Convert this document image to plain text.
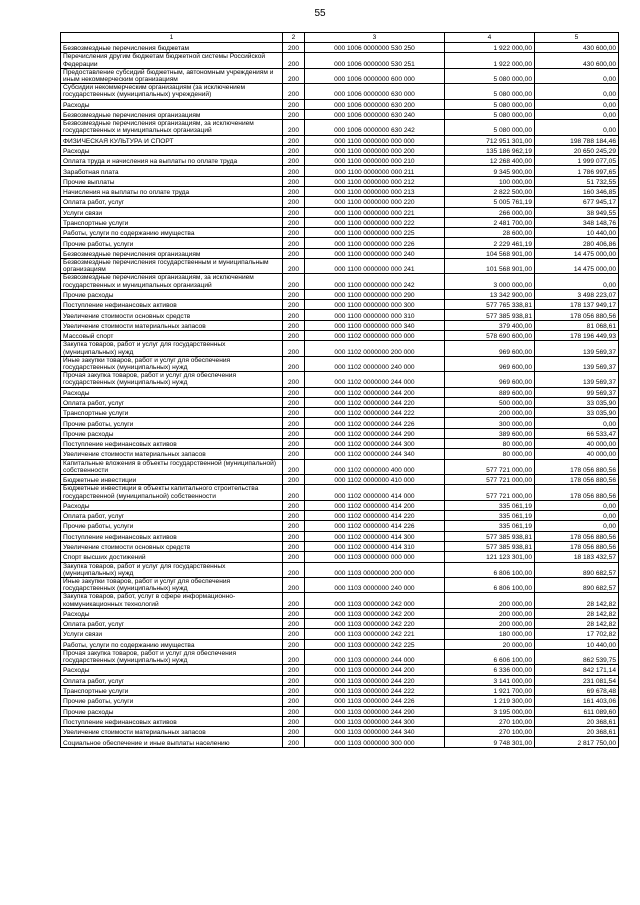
55
1	2	3	4	5
Безвозмездные перечисления бюджетам	200	000 1006 0000000 530 250	1 922 000,00	430 600,00
Перечисления другим бюджетам бюджетной системы Российской Федерации	200	000 1006 0000000 530 251	1 922 000,00	430 600,00
Предоставление субсидий бюджетным, автономным учреждениям и иным некоммерческим организациям	200	000 1006 0000000 600 000	5 080 000,00	0,00
Субсидии некоммерческим организациям (за исключением государственных (муниципальных) учреждений)	200	000 1006 0000000 630 000	5 080 000,00	0,00
Расходы	200	000 1006 0000000 630 200	5 080 000,00	0,00
Безвозмездные перечисления организациям	200	000 1006 0000000 630 240	5 080 000,00	0,00
Безвозмездные перечисления организациям, за исключением государственных и муниципальных организаций	200	000 1006 0000000 630 242	5 080 000,00	0,00
ФИЗИЧЕСКАЯ КУЛЬТУРА И СПОРТ	200	000 1100 0000000 000 000	712 951 301,00	198 788 184,46
Расходы	200	000 1100 0000000 000 200	135 186 962,19	20 650 245,29
Оплата труда и начисления на выплаты по оплате труда	200	000 1100 0000000 000 210	12 268 400,00	1 999 077,05
Заработная плата	200	000 1100 0000000 000 211	9 345 900,00	1 786 997,65
Прочие выплаты	200	000 1100 0000000 000 212	100 000,00	51 732,55
Начисления на выплаты по оплате труда	200	000 1100 0000000 000 213	2 822 500,00	160 346,85
Оплата работ, услуг	200	000 1100 0000000 000 220	5 005 761,19	677 945,17
Услуги связи	200	000 1100 0000000 000 221	266 000,00	38 949,55
Транспортные услуги	200	000 1100 0000000 000 222	2 481 700,00	348 148,76
Работы, услуги по содержанию имущества	200	000 1100 0000000 000 225	28 600,00	10 440,00
Прочие работы, услуги	200	000 1100 0000000 000 226	2 229 461,19	280 406,86
Безвозмездные перечисления организациям	200	000 1100 0000000 000 240	104 568 901,00	14 475 000,00
Безвозмездные перечисления государственным и муниципальным организациям	200	000 1100 0000000 000 241	101 568 901,00	14 475 000,00
Безвозмездные перечисления организациям, за исключением государственных и муниципальных организаций	200	000 1100 0000000 000 242	3 000 000,00	0,00
Прочие расходы	200	000 1100 0000000 000 290	13 342 900,00	3 498 223,07
Поступление нефинансовых активов	200	000 1100 0000000 000 300	577 765 338,81	178 137 949,17
Увеличение стоимости основных средств	200	000 1100 0000000 000 310	577 385 938,81	178 056 880,56
Увеличение стоимости материальных запасов	200	000 1100 0000000 000 340	379 400,00	81 068,61
Массовый спорт	200	000 1102 0000000 000 000	578 690 600,00	178 196 449,93
Закупка товаров, работ и услуг для государственных (муниципальных) нужд	200	000 1102 0000000 200 000	969 600,00	139 569,37
Иные закупки товаров, работ и услуг для обеспечения государственных (муниципальных) нужд	200	000 1102 0000000 240 000	969 600,00	139 569,37
Прочая закупка товаров, работ и услуг для обеспечения государственных (муниципальных) нужд	200	000 1102 0000000 244 000	969 600,00	139 569,37
Расходы	200	000 1102 0000000 244 200	889 600,00	99 569,37
Оплата работ, услуг	200	000 1102 0000000 244 220	500 000,00	33 035,90
Транспортные услуги	200	000 1102 0000000 244 222	200 000,00	33 035,90
Прочие работы, услуги	200	000 1102 0000000 244 226	300 000,00	0,00
Прочие расходы	200	000 1102 0000000 244 290	389 600,00	66 533,47
Поступление нефинансовых активов	200	000 1102 0000000 244 300	80 000,00	40 000,00
Увеличение стоимости материальных запасов	200	000 1102 0000000 244 340	80 000,00	40 000,00
Капитальные вложения в объекты государственной (муниципальной) собственности	200	000 1102 0000000 400 000	577 721 000,00	178 056 880,56
Бюджетные инвестиции	200	000 1102 0000000 410 000	577 721 000,00	178 056 880,56
Бюджетные инвестиции в объекты капитального строительства государственной (муниципальной) собственности	200	000 1102 0000000 414 000	577 721 000,00	178 056 880,56
Расходы	200	000 1102 0000000 414 200	335 061,19	0,00
Оплата работ, услуг	200	000 1102 0000000 414 220	335 061,19	0,00
Прочие работы, услуги	200	000 1102 0000000 414 226	335 061,19	0,00
Поступление нефинансовых активов	200	000 1102 0000000 414 300	577 385 938,81	178 056 880,56
Увеличение стоимости основных средств	200	000 1102 0000000 414 310	577 385 938,81	178 056 880,56
Спорт высших достижений	200	000 1103 0000000 000 000	121 123 301,00	18 183 432,57
Закупка товаров, работ и услуг для государственных (муниципальных) нужд	200	000 1103 0000000 200 000	6 806 100,00	890 682,57
Иные закупки товаров, работ и услуг для обеспечения государственных (муниципальных) нужд	200	000 1103 0000000 240 000	6 806 100,00	890 682,57
Закупка товаров, работ, услуг в сфере информационно-коммуникационных технологий	200	000 1103 0000000 242 000	200 000,00	28 142,82
Расходы	200	000 1103 0000000 242 200	200 000,00	28 142,82
Оплата работ, услуг	200	000 1103 0000000 242 220	200 000,00	28 142,82
Услуги связи	200	000 1103 0000000 242 221	180 000,00	17 702,82
Работы, услуги по содержанию имущества	200	000 1103 0000000 242 225	20 000,00	10 440,00
Прочая закупка товаров, работ и услуг для обеспечения государственных (муниципальных) нужд	200	000 1103 0000000 244 000	6 606 100,00	862 539,75
Расходы	200	000 1103 0000000 244 200	6 336 000,00	842 171,14
Оплата работ, услуг	200	000 1103 0000000 244 220	3 141 000,00	231 081,54
Транспортные услуги	200	000 1103 0000000 244 222	1 921 700,00	69 678,48
Прочие работы, услуги	200	000 1103 0000000 244 226	1 219 300,00	161 403,06
Прочие расходы	200	000 1103 0000000 244 290	3 195 000,00	611 089,60
Поступление нефинансовых активов	200	000 1103 0000000 244 300	270 100,00	20 368,61
Увеличение стоимости материальных запасов	200	000 1103 0000000 244 340	270 100,00	20 368,61
Социальное обеспечение и иные выплаты населению	200	000 1103 0000000 300 000	9 748 301,00	2 817 750,00
